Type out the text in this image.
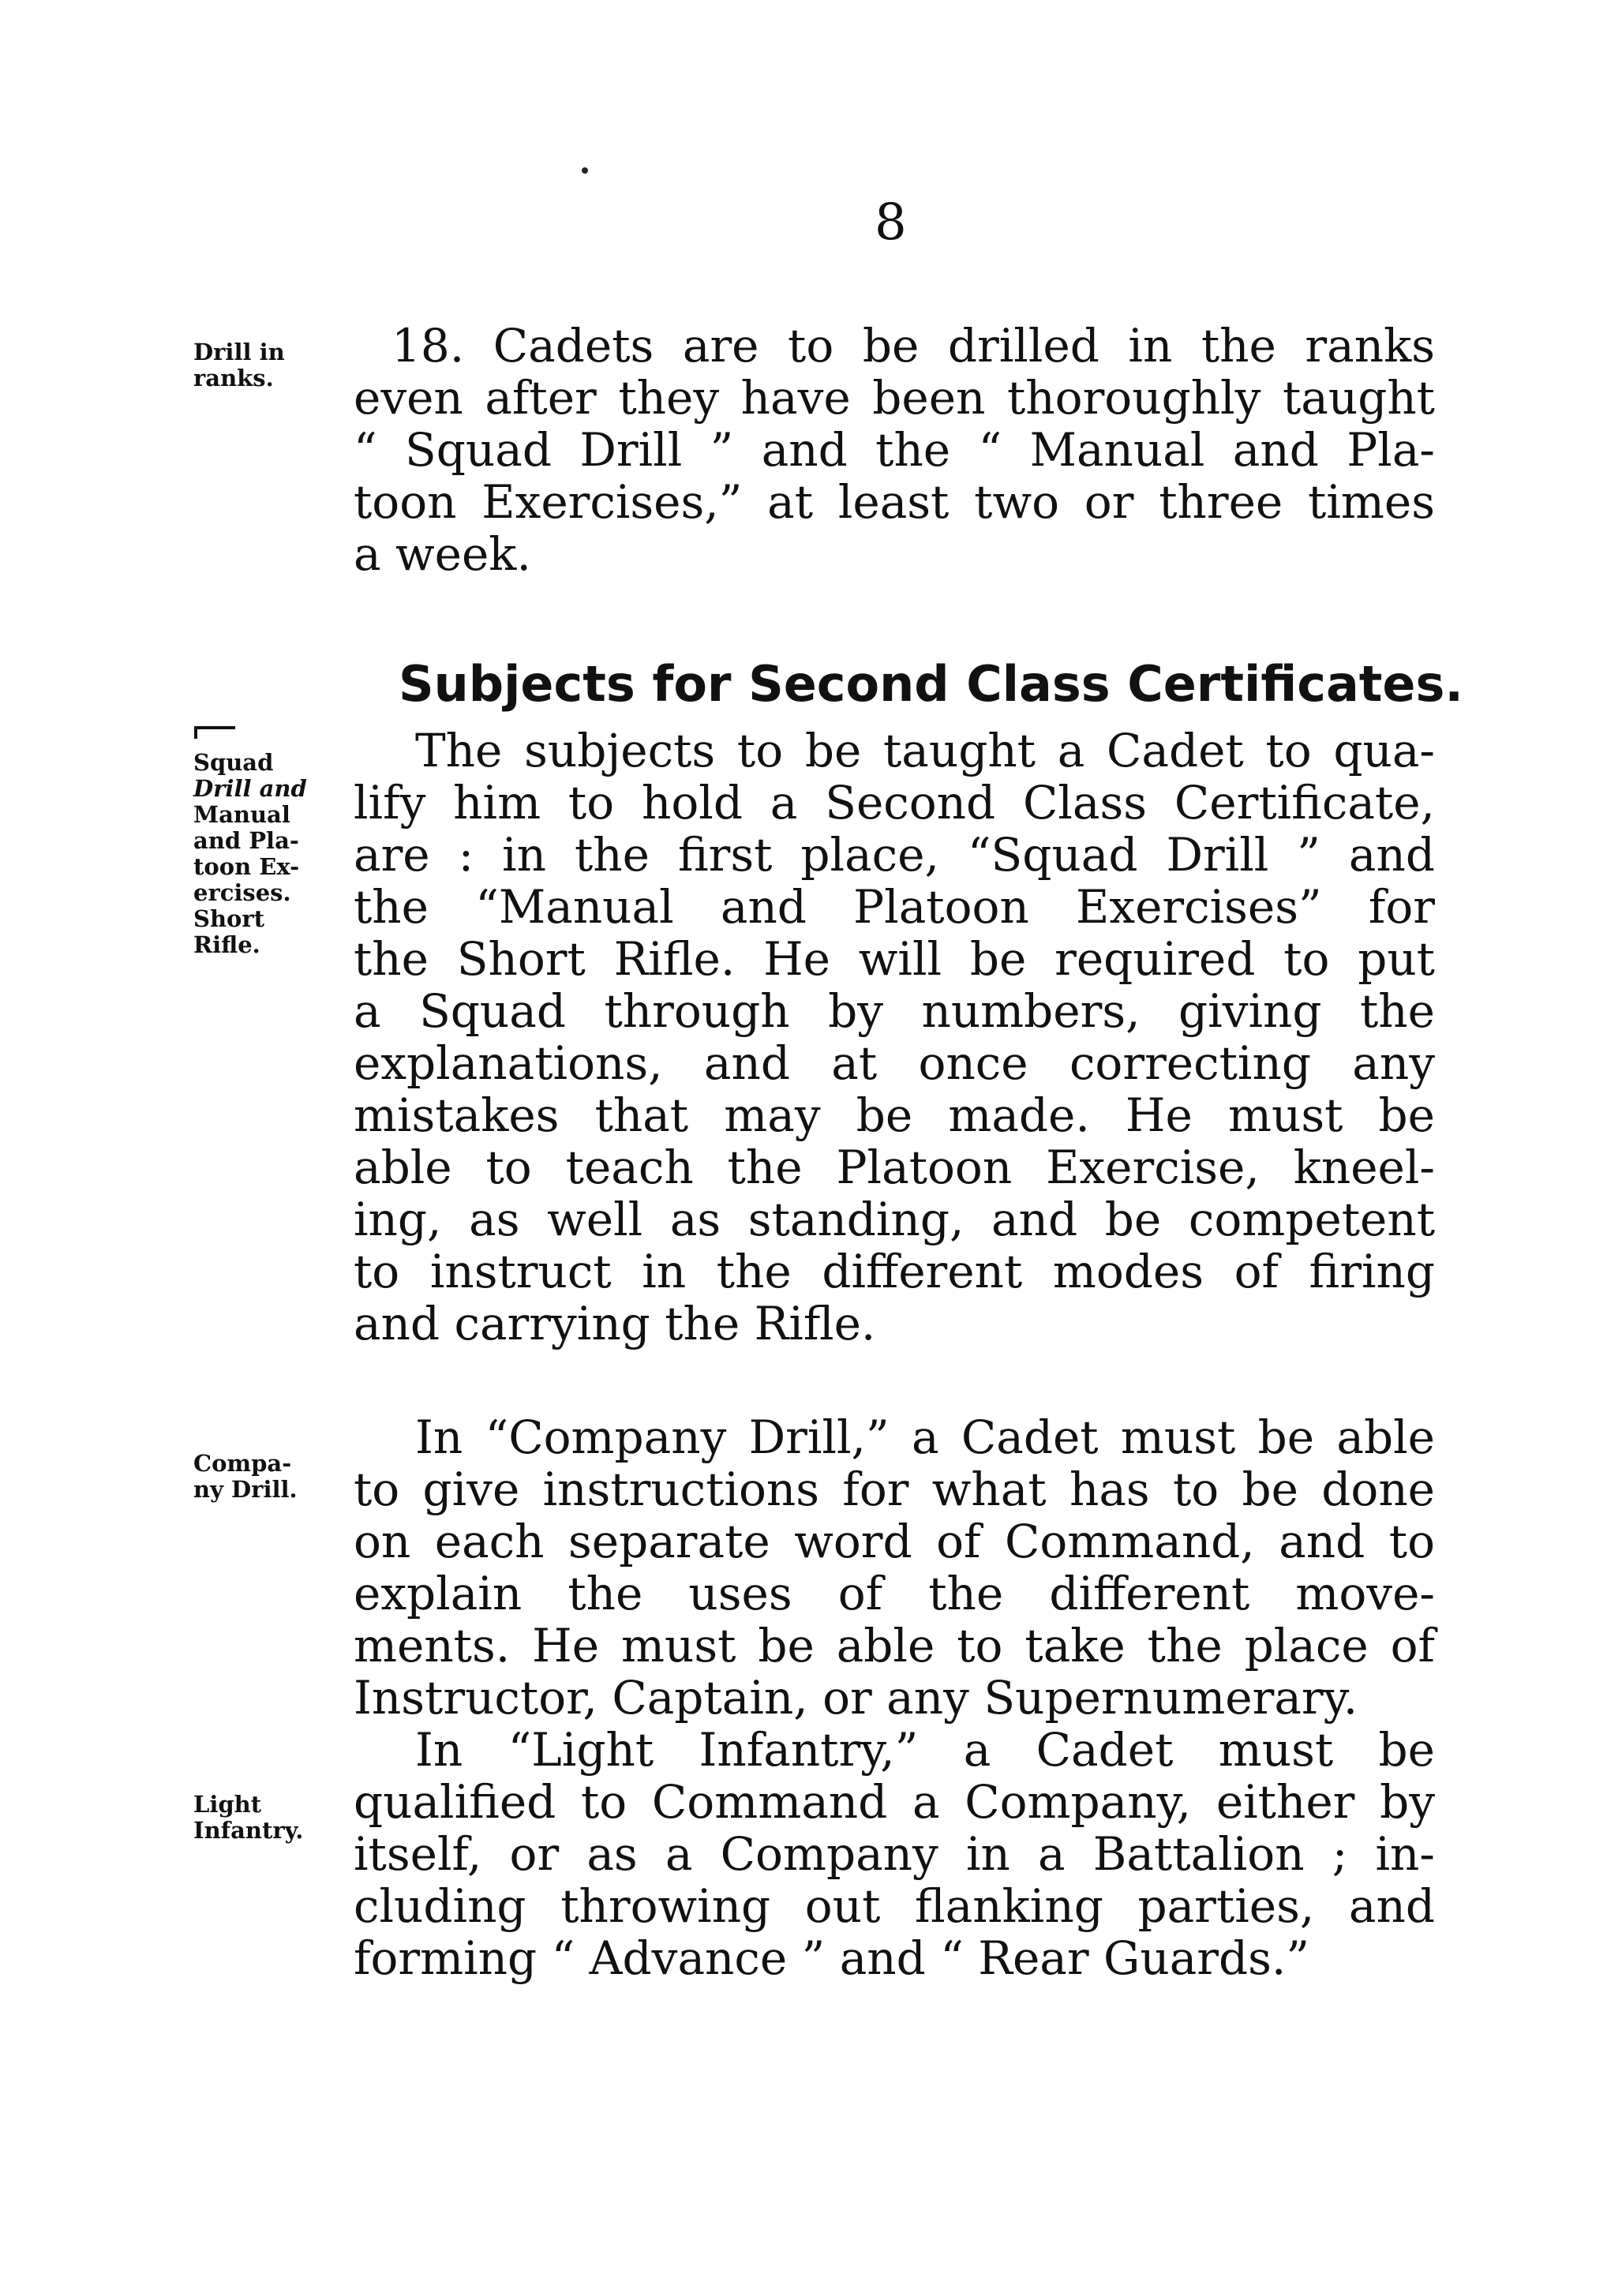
8
Drill in
ranks.
Squad
Drill and
Manual
and Pla-
toon Ex-
ercises.
Short
Rifle.
Compa-
ny Drill.
Light
Infantry.
18. Cadets are to be drilled in the ranks
even after they have been thoroughly taught
“ Squad Drill ” and the “ Manual and Pla-
toon Exercises,” at least two or three times
a week.
Subjects for Second Class Certificates.
The subjects to be taught a Cadet to qua-
lify him to hold a Second Class Certificate,
are : in the first place, “Squad Drill ” and
the “Manual and Platoon Exercises” for
the Short Rifle. He will be required to put
a Squad through by numbers, giving the
explanations, and at once correcting any
mistakes that may be made. He must be
able to teach the Platoon Exercise, kneel-
ing, as well as standing, and be competent
to instruct in the different modes of firing
and carrying the Rifle.
In “Company Drill,” a Cadet must be able
to give instructions for what has to be done
on each separate word of Command, and to
explain the uses of the different move-
ments. He must be able to take the place of
Instructor, Captain, or any Supernumerary.
In “Light Infantry,” a Cadet must be
qualified to Command a Company, either by
itself, or as a Company in a Battalion ; in-
cluding throwing out flanking parties, and
forming “ Advance ” and “ Rear Guards.”
